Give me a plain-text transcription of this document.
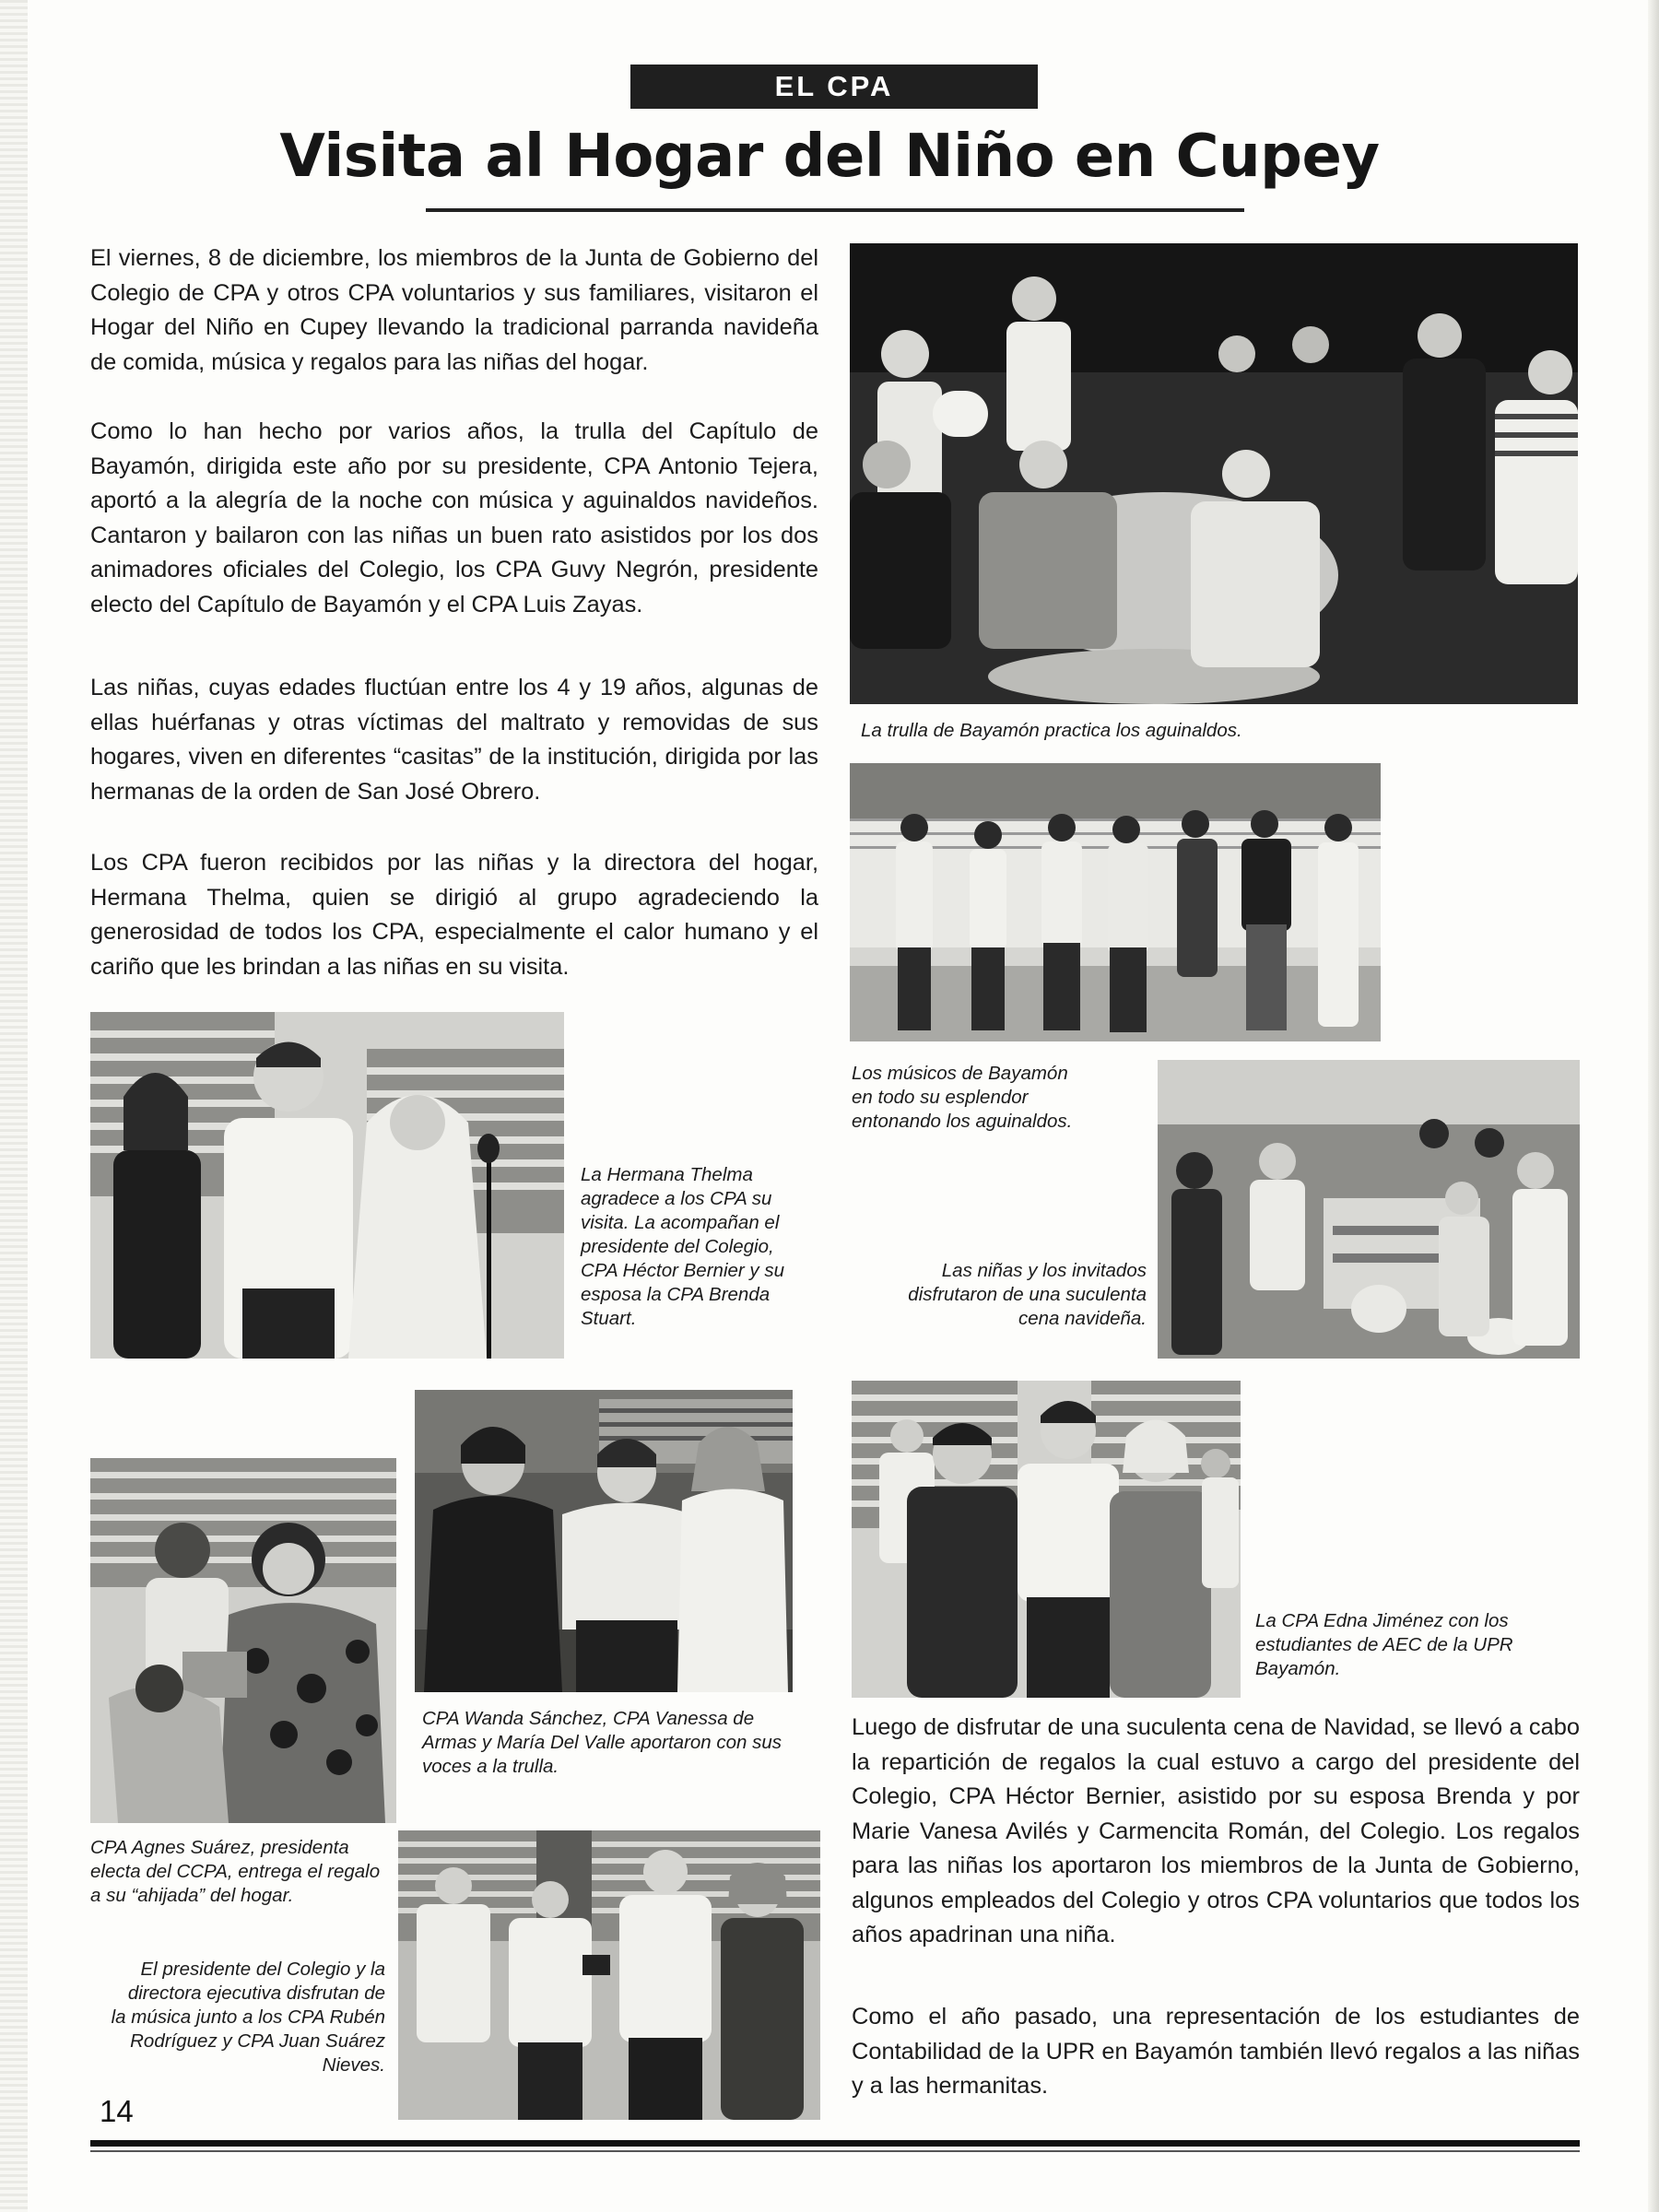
EL CPA
Visita al Hogar del Niño en Cupey

El viernes, 8 de diciembre, los miembros de la Junta de Gobierno del Colegio de CPA y otros CPA voluntarios y sus familiares, visitaron el Hogar del Niño en Cupey llevando la tradicional parranda navideña de comida, música y regalos para las niñas del hogar.

Como lo han hecho por varios años, la trulla del Capítulo de Bayamón, dirigida este año por su presidente, CPA Antonio Tejera, aportó a la alegría de la noche con música y aguinaldos navideños. Cantaron y bailaron con las niñas un buen rato asistidos por los dos animadores oficiales del Colegio, los CPA Guvy Negrón, presidente electo del Capítulo de Bayamón y el CPA Luis Zayas.

Las niñas, cuyas edades fluctúan entre los 4 y 19 años, algunas de ellas huérfanas y otras víctimas del maltrato y removidas de sus hogares, viven en diferentes “casitas” de la institución, dirigida por las hermanas de la orden de San José Obrero.

Los CPA fueron recibidos por las niñas y la directora del hogar, Hermana Thelma, quien se dirigió al grupo agradeciendo la generosidad de todos los CPA, especialmente el calor humano y el cariño que les brindan a las niñas en su visita.

Luego de disfrutar de una suculenta cena de Navidad, se llevó a cabo la repartición de regalos la cual estuvo a cargo del presidente del Colegio, CPA Héctor Bernier, asistido por su esposa Brenda y por Marie Vanesa Avilés y Carmencita Román, del Colegio. Los regalos para las niñas los aportaron los miembros de la Junta de Gobierno, algunos empleados del Colegio y otros CPA voluntarios que todos los años apadrinan una niña.

Como el año pasado, una representación de los estudiantes de Contabilidad de la UPR en Bayamón también llevó regalos a las niñas y a las hermanitas.

La trulla de Bayamón practica los aguinaldos.

Los músicos de Bayamón en todo su esplendor entonando los aguinaldos.

Las niñas y los invitados disfrutaron de una suculenta cena navideña.

La Hermana Thelma agradece a los CPA su visita. La acompañan el presidente del Colegio, CPA Héctor Bernier y su esposa la CPA Brenda Stuart.

CPA Wanda Sánchez, CPA Vanessa de Armas y María Del Valle aportaron con sus voces a la trulla.

CPA Agnes Suárez, presidenta electa del CCPA, entrega el regalo a su “ahijada” del hogar.

El presidente del Colegio y la directora ejecutiva disfrutan de la música junto a los CPA Rubén Rodríguez y CPA Juan Suárez Nieves.

La CPA Edna Jiménez con los estudiantes de AEC de la UPR Bayamón.

14
